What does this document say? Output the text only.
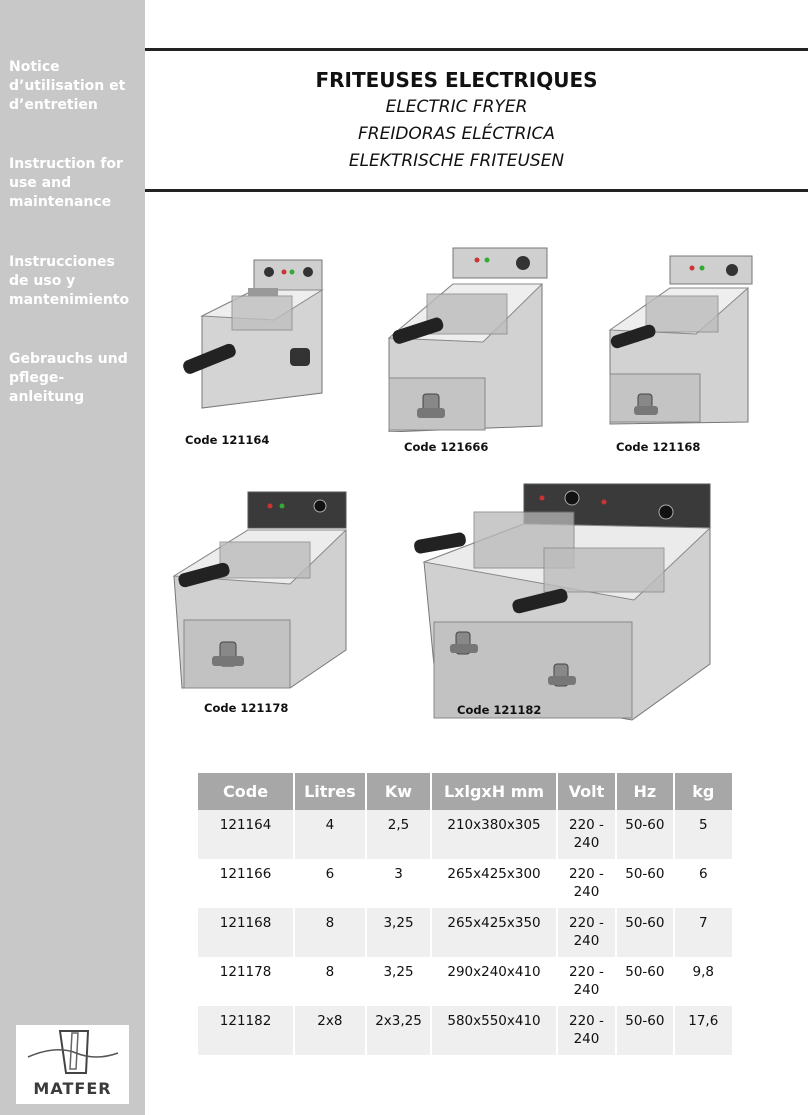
Notice d’utilisation et d’entretien
Instruction for use and maintenance
Instrucciones de uso y mantenimiento
Gebrauchs und pflege-anleitung
MATFER
FRITEUSES ELECTRIQUES
ELECTRIC FRYER
FREIDORAS ELÉCTRICA
ELEKTRISCHE FRITEUSEN
Code 121164	Code 121666	Code 121168
Code 121178	Code 121182
Code	Litres	Kw	LxlgxH mm	Volt	Hz	kg
121164	4	2,5	210x380x305	220 - 240	50-60	5
121166	6	3	265x425x300	220 - 240	50-60	6
121168	8	3,25	265x425x350	220 - 240	50-60	7
121178	8	3,25	290x240x410	220 - 240	50-60	9,8
121182	2x8	2x3,25	580x550x410	220 - 240	50-60	17,6
